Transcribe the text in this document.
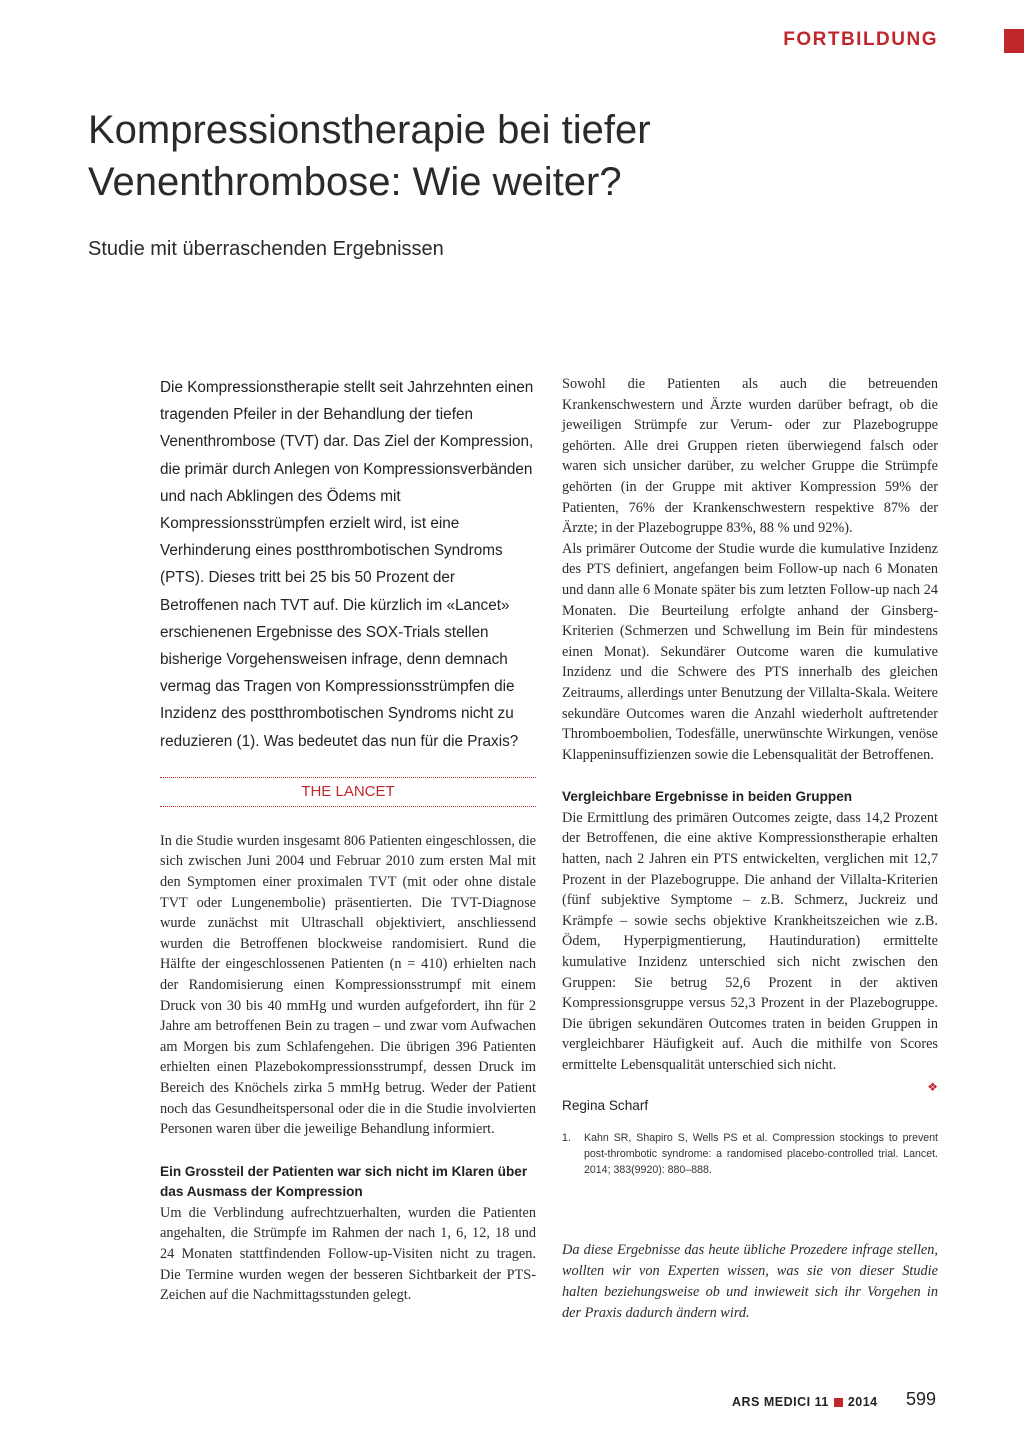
FORTBILDUNG
Kompressionstherapie bei tiefer Venenthrombose: Wie weiter?
Studie mit überraschenden Ergebnissen

Die Kompressionstherapie stellt seit Jahrzehnten einen tragenden Pfeiler in der Behandlung der tiefen Venenthrombose (TVT) dar. Das Ziel der Kompression, die primär durch Anlegen von Kompressionsverbänden und nach Abklingen des Ödems mit Kompressionsstrümpfen erzielt wird, ist eine Verhinderung eines postthrombotischen Syndroms (PTS). Dieses tritt bei 25 bis 50 Prozent der Betroffenen nach TVT auf. Die kürzlich im «Lancet» erschienenen Ergebnisse des SOX-Trials stellen bisherige Vorgehensweisen infrage, denn demnach vermag das Tragen von Kompressionsstrümpfen die Inzidenz des postthrombotischen Syndroms nicht zu reduzieren (1). Was bedeutet das nun für die Praxis?

THE LANCET

In die Studie wurden insgesamt 806 Patienten eingeschlossen, die sich zwischen Juni 2004 und Februar 2010 zum ersten Mal mit den Symptomen einer proximalen TVT (mit oder ohne distale TVT oder Lungenembolie) präsentierten. Die TVT-Diagnose wurde zunächst mit Ultraschall objektiviert, anschliessend wurden die Betroffenen blockweise randomisiert. Rund die Hälfte der eingeschlossenen Patienten (n = 410) erhielten nach der Randomisierung einen Kompressionsstrumpf mit einem Druck von 30 bis 40 mmHg und wurden aufgefordert, ihn für 2 Jahre am betroffenen Bein zu tragen – und zwar vom Aufwachen am Morgen bis zum Schlafengehen. Die übrigen 396 Patienten erhielten einen Plazebokompressionsstrumpf, dessen Druck im Bereich des Knöchels zirka 5 mmHg betrug. Weder der Patient noch das Gesundheitspersonal oder die in die Studie involvierten Personen waren über die jeweilige Behandlung informiert.

Ein Grossteil der Patienten war sich nicht im Klaren über das Ausmass der Kompression

Um die Verblindung aufrechtzuerhalten, wurden die Patienten angehalten, die Strümpfe im Rahmen der nach 1, 6, 12, 18 und 24 Monaten stattfindenden Follow-up-Visiten nicht zu tragen. Die Termine wurden wegen der besseren Sichtbarkeit der PTS-Zeichen auf die Nachmittagsstunden gelegt.

Sowohl die Patienten als auch die betreuenden Krankenschwestern und Ärzte wurden darüber befragt, ob die jeweiligen Strümpfe zur Verum- oder zur Plazebogruppe gehörten. Alle drei Gruppen rieten überwiegend falsch oder waren sich unsicher darüber, zu welcher Gruppe die Strümpfe gehörten (in der Gruppe mit aktiver Kompression 59% der Patienten, 76% der Krankenschwestern respektive 87% der Ärzte; in der Plazebogruppe 83%, 88 % und 92%).

Als primärer Outcome der Studie wurde die kumulative Inzidenz des PTS definiert, angefangen beim Follow-up nach 6 Monaten und dann alle 6 Monate später bis zum letzten Follow-up nach 24 Monaten. Die Beurteilung erfolgte anhand der Ginsberg-Kriterien (Schmerzen und Schwellung im Bein für mindestens einen Monat). Sekundärer Outcome waren die kumulative Inzidenz und die Schwere des PTS innerhalb des gleichen Zeitraums, allerdings unter Benutzung der Villalta-Skala. Weitere sekundäre Outcomes waren die Anzahl wiederholt auftretender Thromboembolien, Todesfälle, unerwünschte Wirkungen, venöse Klappeninsuffizienzen sowie die Lebensqualität der Betroffenen.

Vergleichbare Ergebnisse in beiden Gruppen

Die Ermittlung des primären Outcomes zeigte, dass 14,2 Prozent der Betroffenen, die eine aktive Kompressionstherapie erhalten hatten, nach 2 Jahren ein PTS entwickelten, verglichen mit 12,7 Prozent in der Plazebogruppe. Die anhand der Villalta-Kriterien (fünf subjektive Symptome – z.B. Schmerz, Juckreiz und Krämpfe – sowie sechs objektive Krankheitszeichen wie z.B. Ödem, Hyperpigmentierung, Hautinduration) ermittelte kumulative Inzidenz unterschied sich nicht zwischen den Gruppen: Sie betrug 52,6 Prozent in der aktiven Kompressionsgruppe versus 52,3 Prozent in der Plazebogruppe. Die übrigen sekundären Outcomes traten in beiden Gruppen in vergleichbarer Häufigkeit auf. Auch die mithilfe von Scores ermittelte Lebensqualität unterschied sich nicht.

❖

Regina Scharf

1.	Kahn SR, Shapiro S, Wells PS et al. Compression stockings to prevent post-thrombotic syndrome: a randomised placebo-controlled trial. Lancet. 2014; 383(9920): 880–888.

Da diese Ergebnisse das heute übliche Prozedere infrage stellen, wollten wir von Experten wissen, was sie von dieser Studie halten beziehungsweise ob und inwieweit sich ihr Vorgehen in der Praxis dadurch ändern wird.

ARS MEDICI 11 2014 599
